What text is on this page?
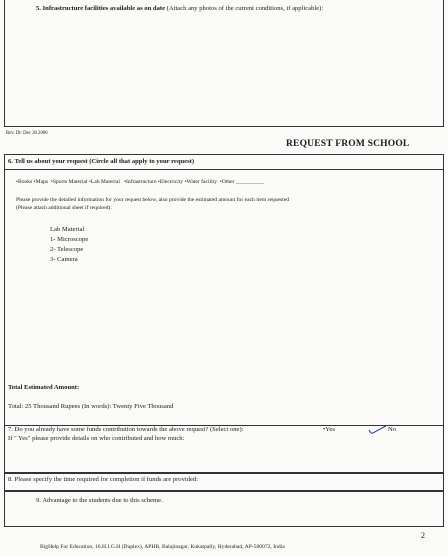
5. Infrastructure facilities available as on date (Attach any photos of the current conditions, if applicable):
Rev. Dt: Dec 30 2006
REQUEST FROM SCHOOL
6. Tell us about your request (Circle all that apply to your request)
•Books •Maps •Sports Material •Lab Material •Infrastructure •Electricity •Water facility •Other __________
Please provide the detailed information for your request below, also provide the estimated amount for each item requested
(Please attach additional sheet if required):
Lab Material
1- Microscope
2- Telescope
3- Camera
Total Estimated Amount:
Total: 25 Thousand Rupees (In words): Twenty Five Thousand
7. Do you already have some funds contribution towards the above request? (Select one):	•Yes	No
If " Yes" please provide details on who contributed and how much:
8. Please specify the time required for completion if funds are provided:
9. Advantage to the students due to this scheme.
2
BigHelp For Education, 16.H.I.G.H (Duplex), APHB, Balajinagar, Kukatpally, Hyderabad, AP-500072, India
